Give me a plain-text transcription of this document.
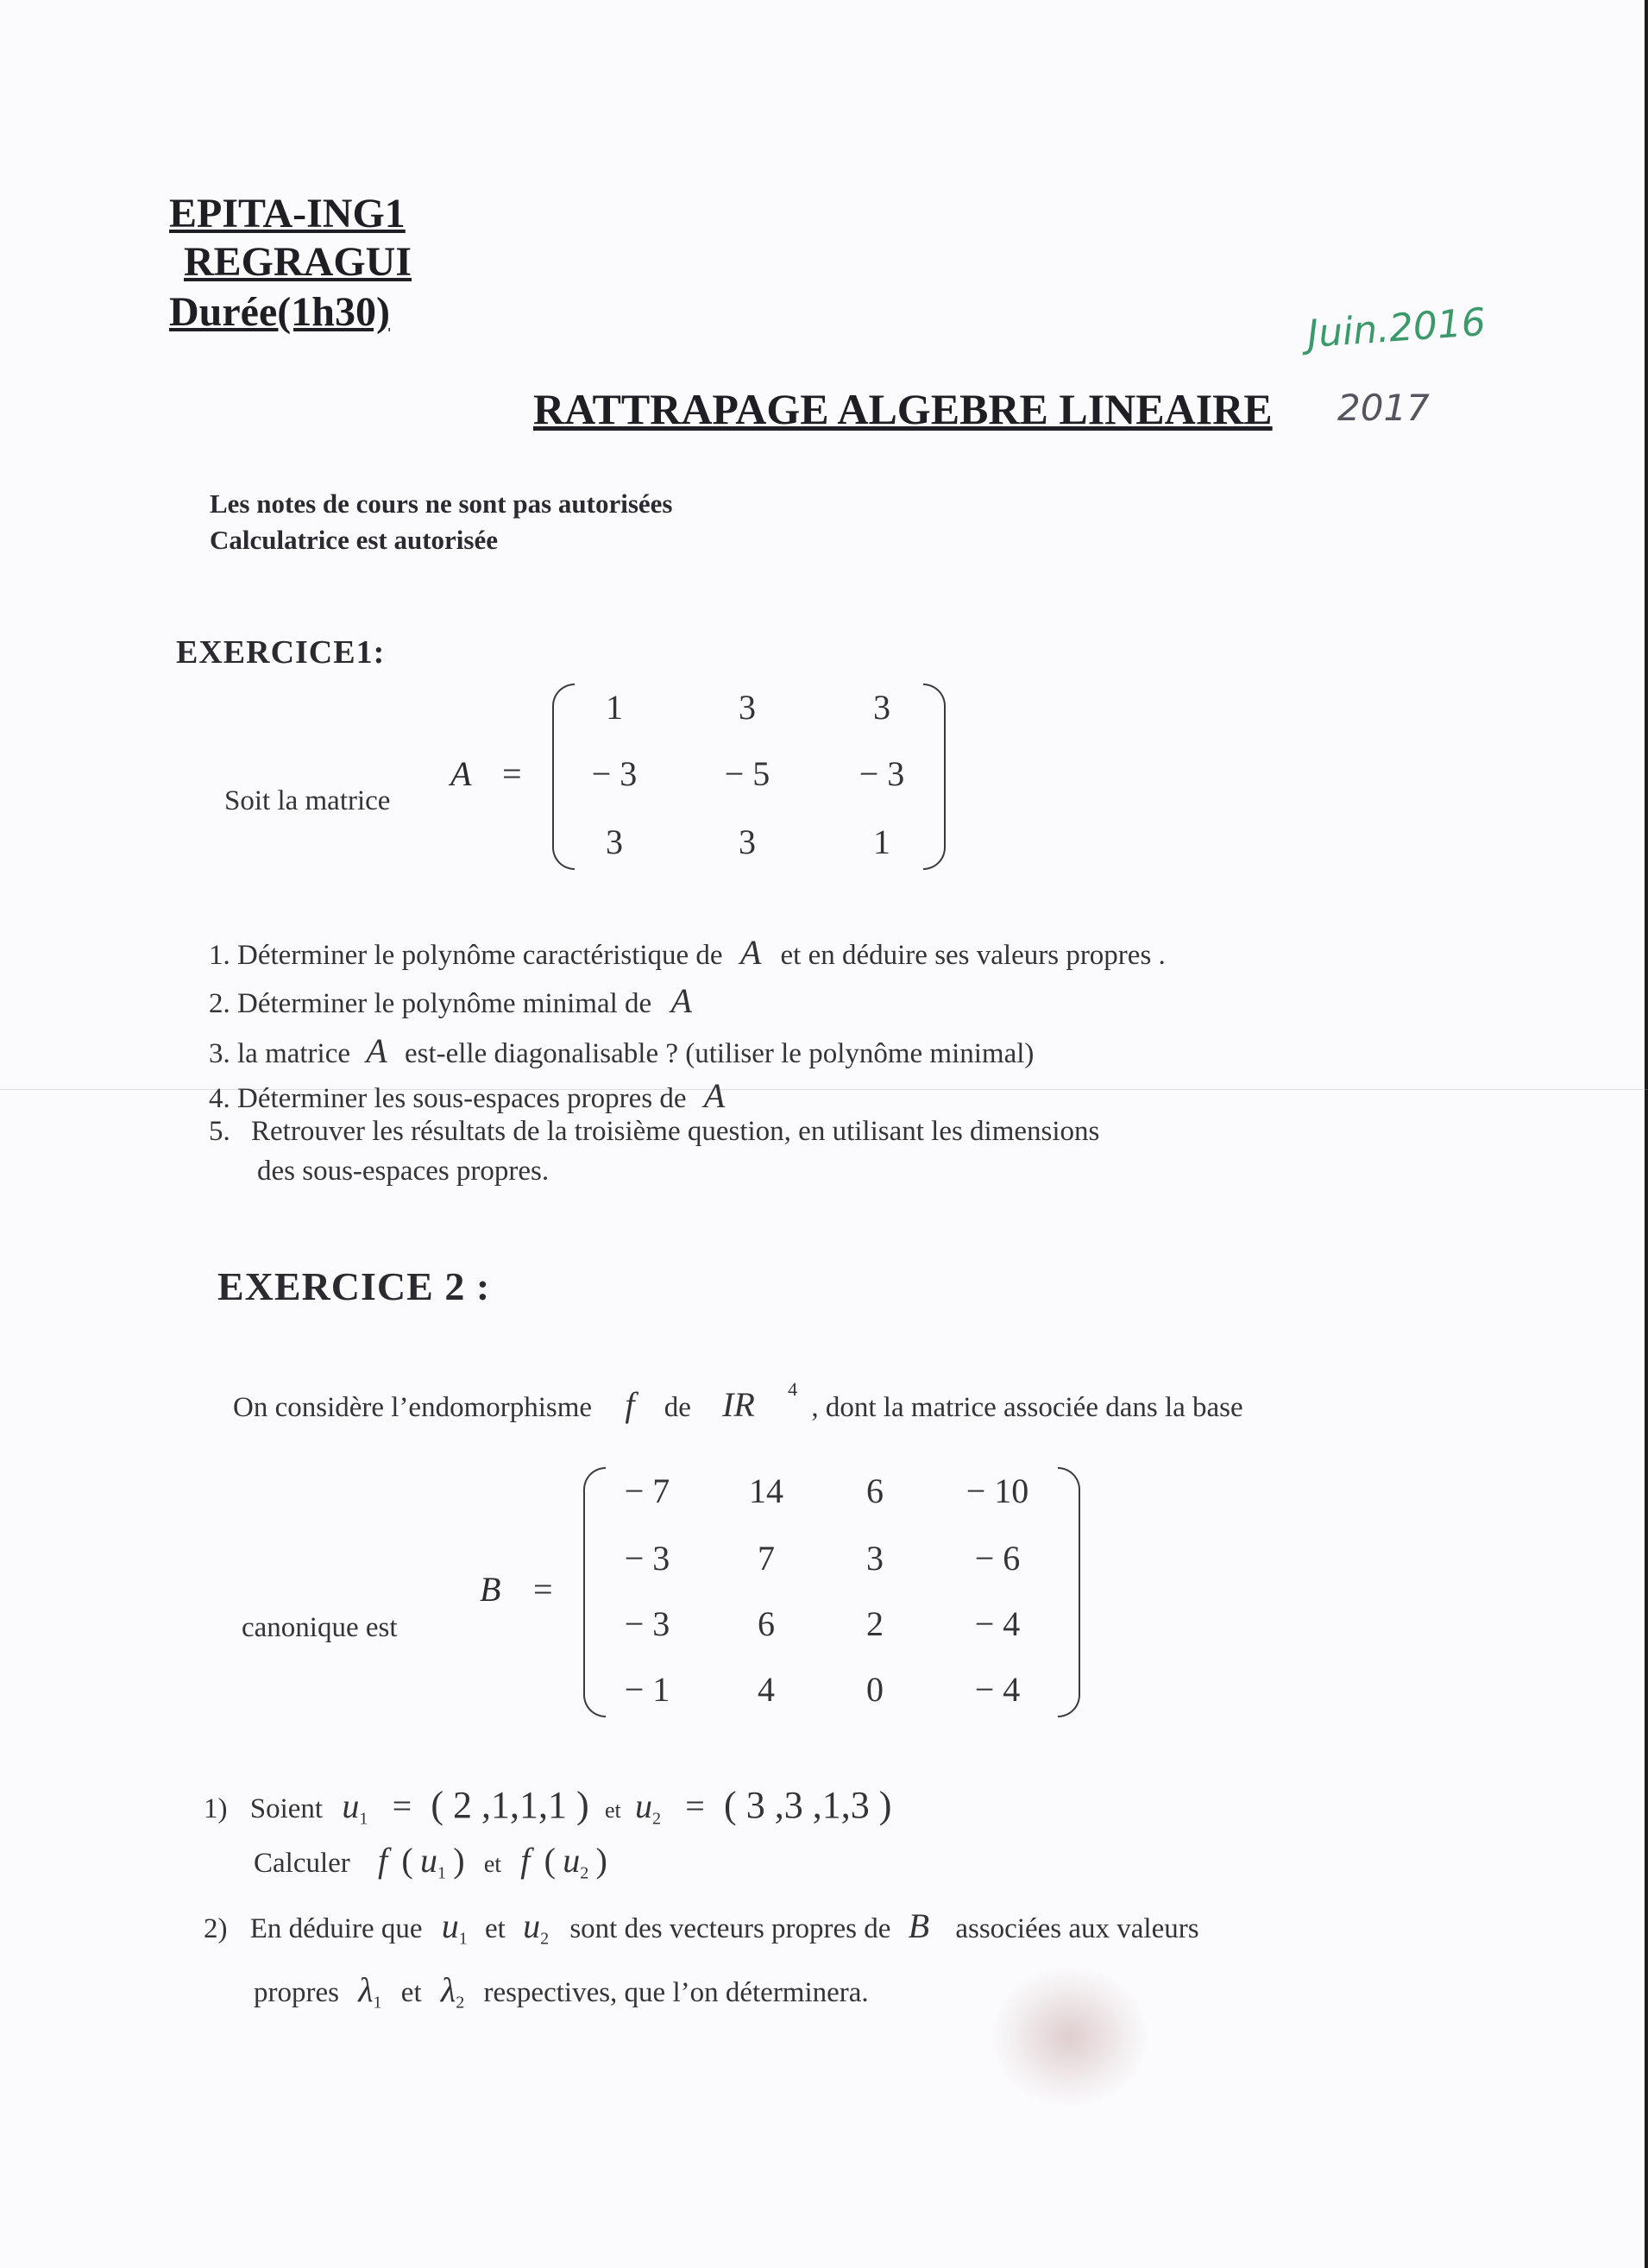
EPITA-ING1
REGRAGUI
Durée(1h30)	Juin.2016
2017
RATTRAPAGE ALGEBRE LINEAIRE
Les notes de cours ne sont pas autorisées
Calculatrice est autorisée
EXERCICE1:
Soit la matrice
A =
1	3	3
− 3	− 5	− 3
3	3	1
1. Déterminer le polynôme caractéristique de A et en déduire ses valeurs propres .
2. Déterminer le polynôme minimal de A
3. la matrice A est-elle diagonalisable ? (utiliser le polynôme minimal)
4. Déterminer les sous-espaces propres de A
5. Retrouver les résultats de la troisième question, en utilisant les dimensions
des sous-espaces propres.
EXERCICE 2 :
On considère l’endomorphisme f de IR $^4$ , dont la matrice associée dans la base
canonique est
B =
− 7	14	6	− 10
− 3	7	3	− 6
− 3	6	2	− 4
− 1	4	0	− 4
1) Soient $u_1$ = ( 2 ,1,1,1 ) et $u_2$ = ( 3 ,3 ,1,3 )
Calculer f ( $u_1$ ) et f ( $u_2$ )
2) En déduire que $u_1$ et $u_2$ sont des vecteurs propres de B associées aux valeurs
propres $\lambda_1$ et $\lambda_2$ respectives, que l’on déterminera.
